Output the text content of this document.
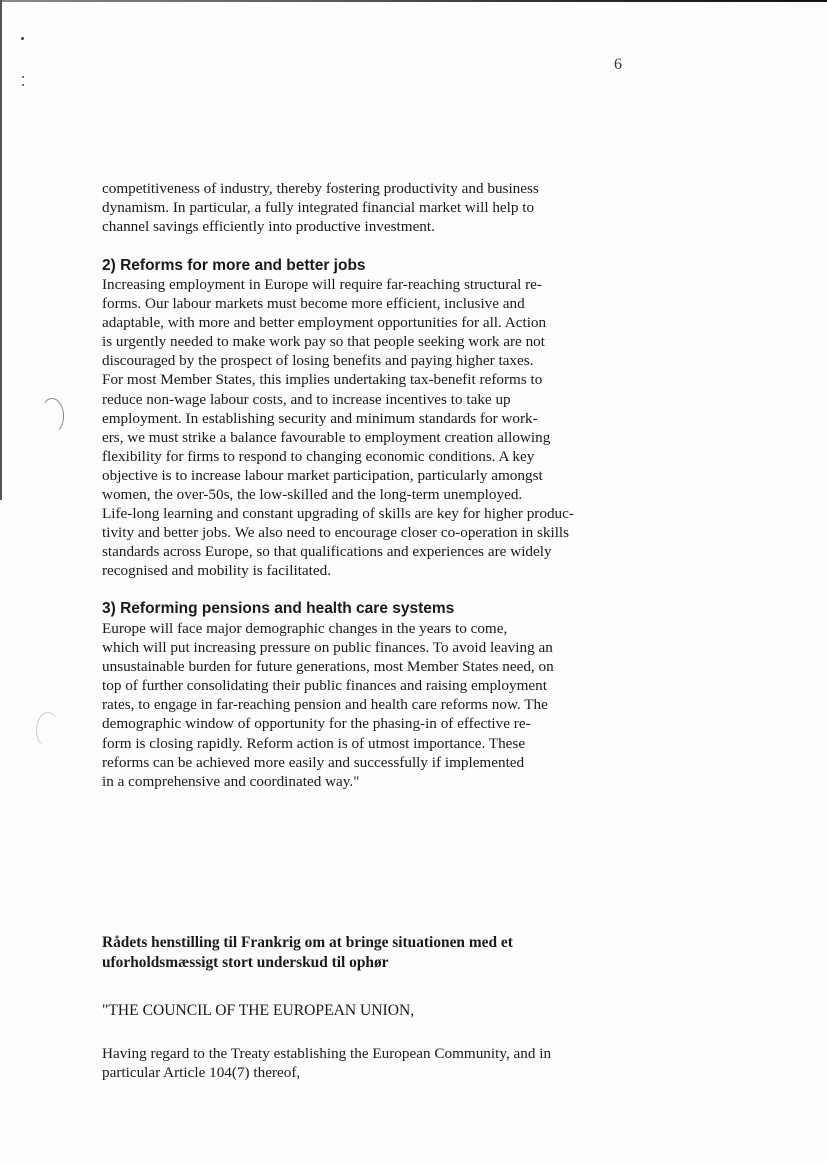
6
competitiveness of industry, thereby fostering productivity and business
dynamism. In particular, a fully integrated financial market will help to
channel savings efficiently into productive investment.
2) Reforms for more and better jobs
Increasing employment in Europe will require far-reaching structural re-
forms. Our labour markets must become more efficient, inclusive and
adaptable, with more and better employment opportunities for all. Action
is urgently needed to make work pay so that people seeking work are not
discouraged by the prospect of losing benefits and paying higher taxes.
For most Member States, this implies undertaking tax-benefit reforms to
reduce non-wage labour costs, and to increase incentives to take up
employment. In establishing security and minimum standards for work-
ers, we must strike a balance favourable to employment creation allowing
flexibility for firms to respond to changing economic conditions. A key
objective is to increase labour market participation, particularly amongst
women, the over-50s, the low-skilled and the long-term unemployed.
Life-long learning and constant upgrading of skills are key for higher produc-
tivity and better jobs. We also need to encourage closer co-operation in skills
standards across Europe, so that qualifications and experiences are widely
recognised and mobility is facilitated.
3) Reforming pensions and health care systems
Europe will face major demographic changes in the years to come,
which will put increasing pressure on public finances. To avoid leaving an
unsustainable burden for future generations, most Member States need, on
top of further consolidating their public finances and raising employment
rates, to engage in far-reaching pension and health care reforms now. The
demographic window of opportunity for the phasing-in of effective re-
form is closing rapidly. Reform action is of utmost importance. These
reforms can be achieved more easily and successfully if implemented
in a comprehensive and coordinated way."
Rådets henstilling til Frankrig om at bringe situationen med et
uforholdsmæssigt stort underskud til ophør
"THE COUNCIL OF THE EUROPEAN UNION,
Having regard to the Treaty establishing the European Community, and in
particular Article 104(7) thereof,
